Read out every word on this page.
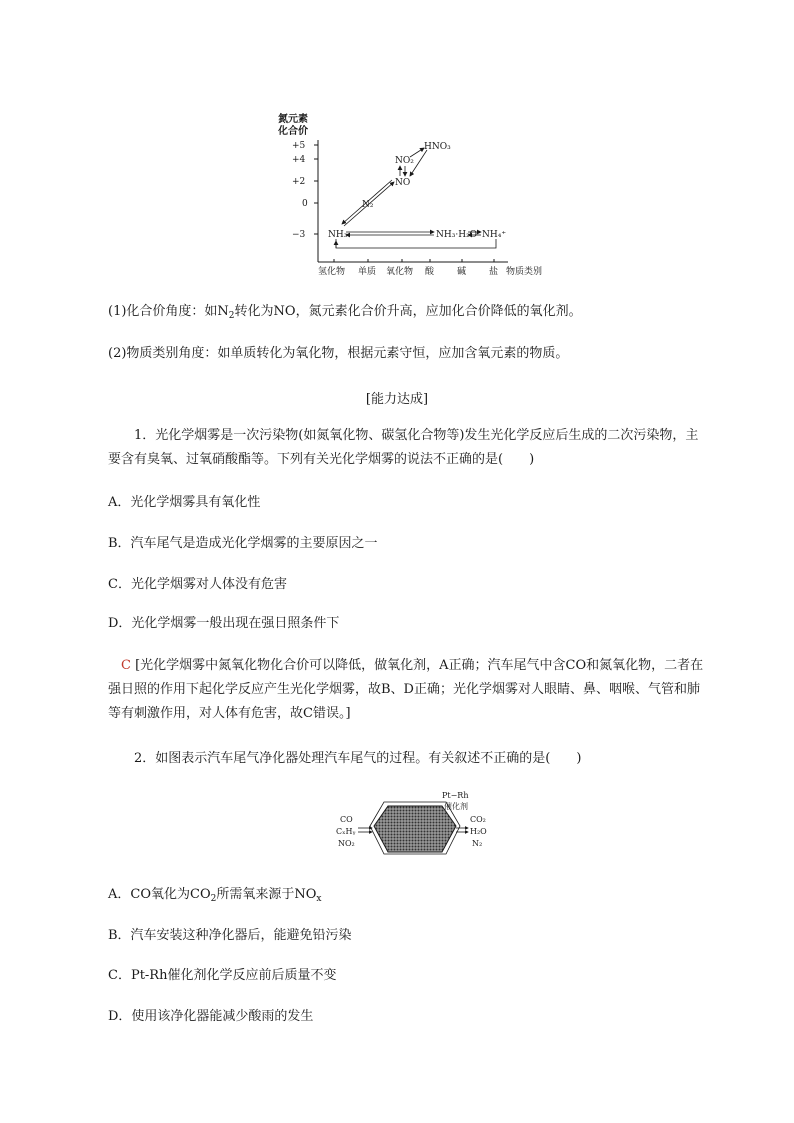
氮元素
化合价
+5
+4
+2
0
−3
氢化物 单质 氧化物 酸	碱	盐 物质类别
NH₃
N₂
NO
NO₂
HNO₃
NH₃·H₂O NH₄⁺
(1)化合价角度：如$N_2$转化为NO，氮元素化合价升高，应加化合价降低的氧化剂。
(2)物质类别角度：如单质转化为氧化物，根据元素守恒，应加含氧元素的物质。
[能力达成]
1．光化学烟雾是一次污染物(如氮氧化物、碳氢化合物等)发生光化学反应后生成的二次污染物，主要含有臭氧、过氧硝酸酯等。下列有关光化学烟雾的说法不正确的是(　　)
A．光化学烟雾具有氧化性
B．汽车尾气是造成光化学烟雾的主要原因之一
C．光化学烟雾对人体没有危害
D．光化学烟雾一般出现在强日照条件下
C [光化学烟雾中氮氧化物化合价可以降低，做氧化剂，A正确；汽车尾气中含CO和氮氧化物，二者在强日照的作用下起化学反应产生光化学烟雾，故B、D正确；光化学烟雾对人眼睛、鼻、咽喉、气管和肺等有刺激作用，对人体有危害，故C错误。]
2．如图表示汽车尾气净化器处理汽车尾气的过程。有关叙述不正确的是(　　)
Pt−Rh
催化剂
CO
CₓHᵧ
NO₂
CO₂
H₂O
N₂
A．CO氧化为$CO_2$所需氧来源于$NO_x$
B．汽车安装这种净化器后，能避免铅污染
C．Pt-Rh催化剂化学反应前后质量不变
D．使用该净化器能减少酸雨的发生
